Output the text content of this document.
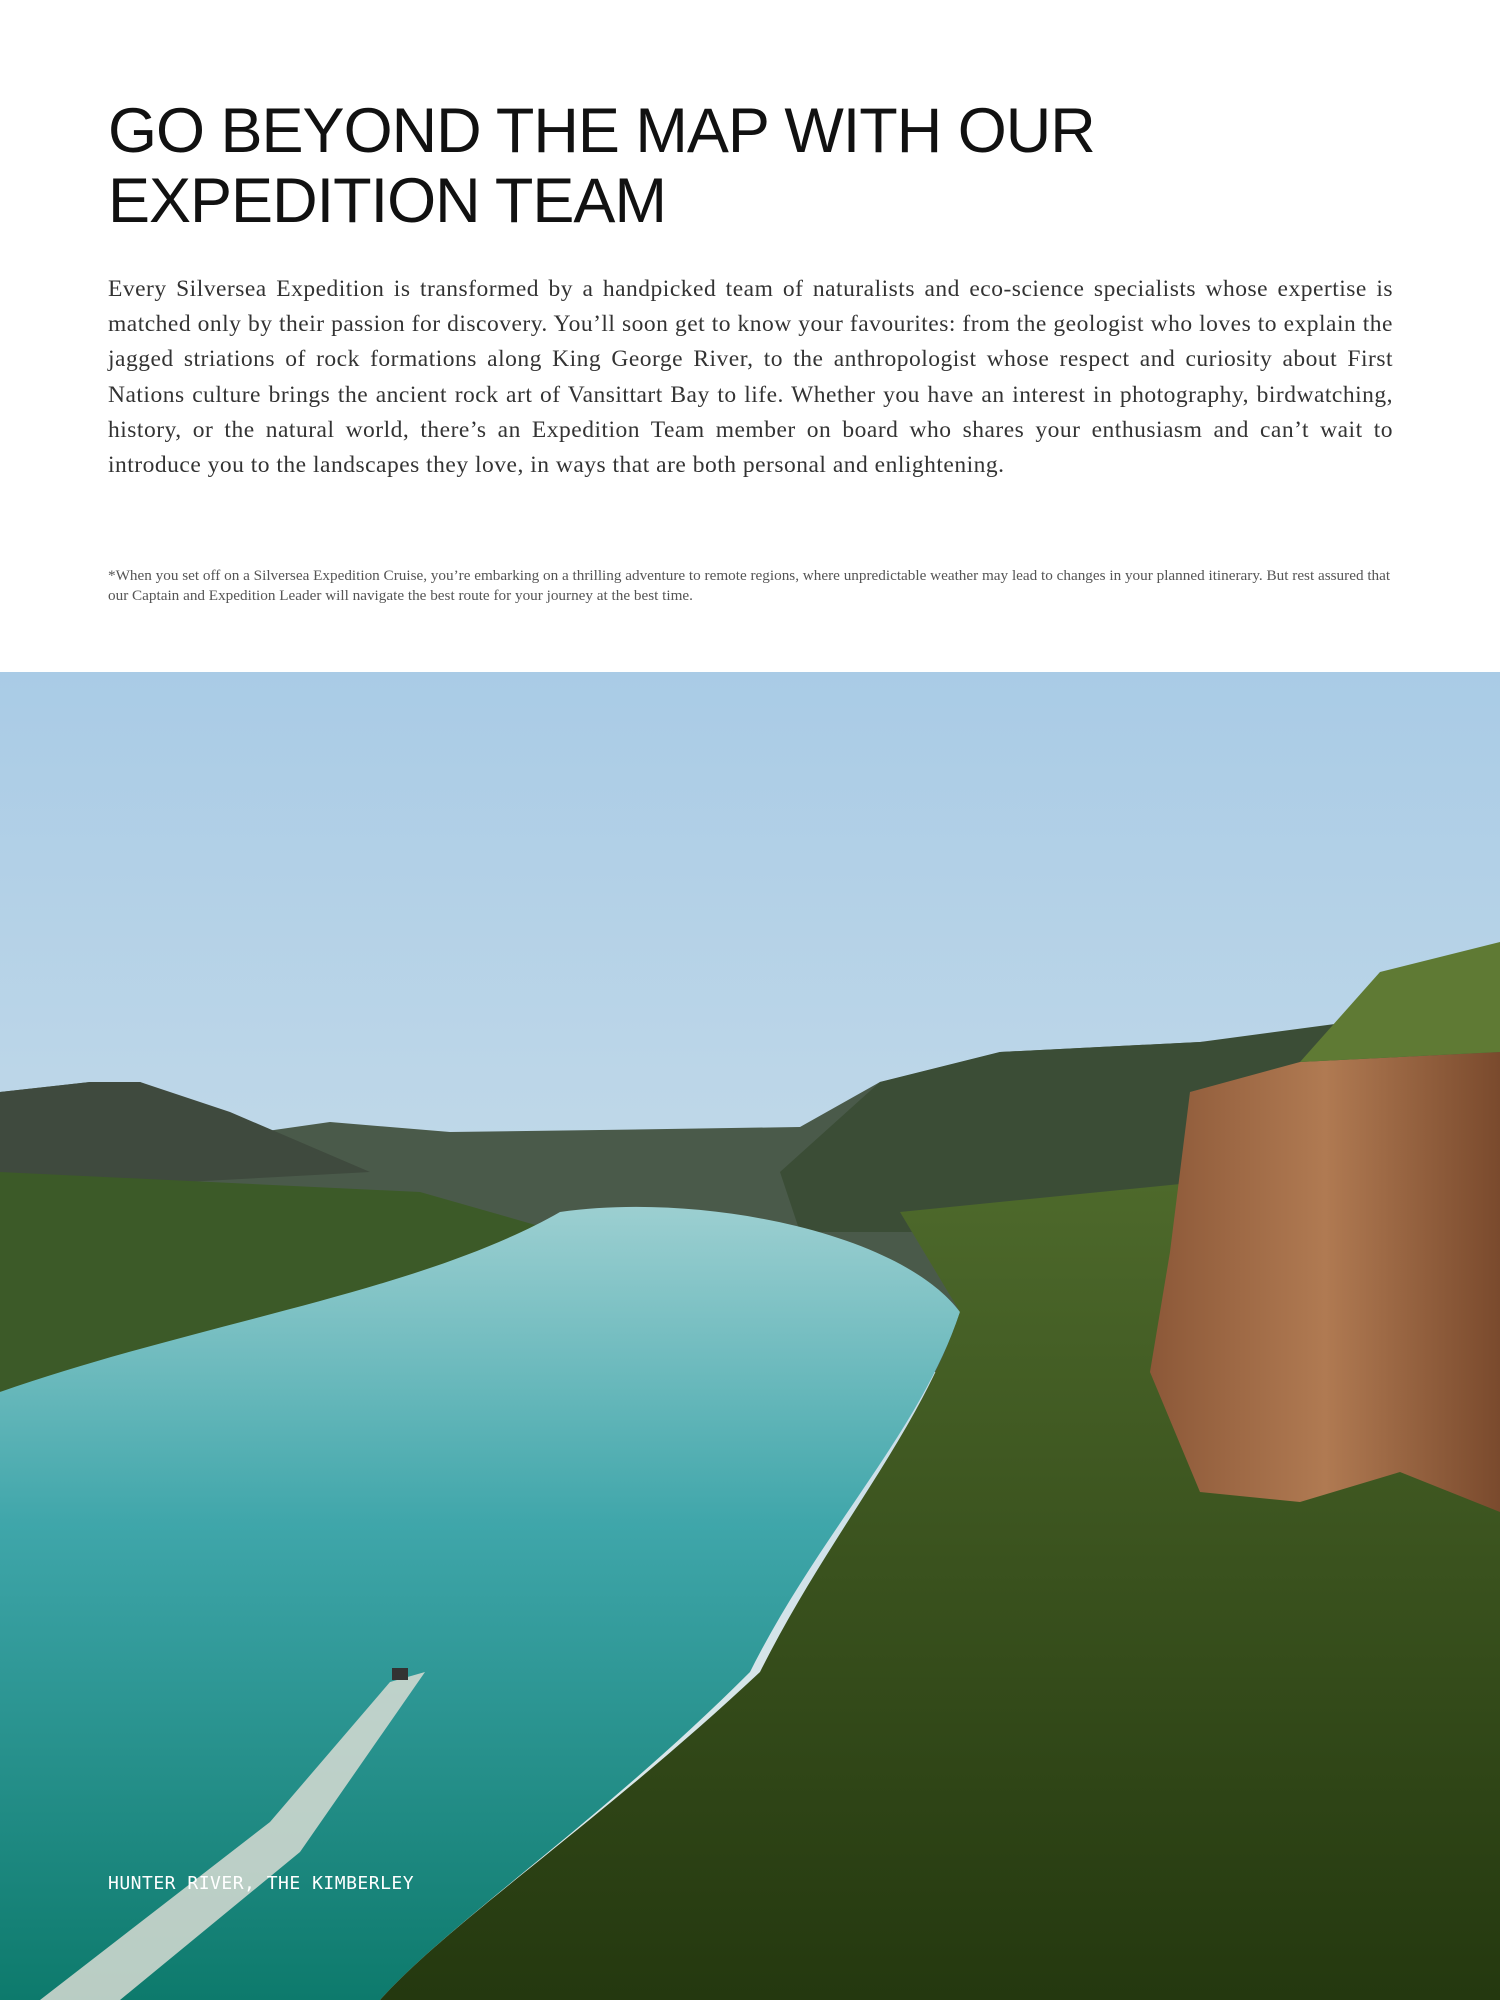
GO BEYOND THE MAP WITH OUR
EXPEDITION TEAM

Every Silversea Expedition is transformed by a handpicked team of naturalists and eco-science specialists whose expertise is matched only by their passion for discovery. You’ll soon get to know your favourites: from the geologist who loves to explain the jagged striations of rock formations along King George River, to the anthropologist whose respect and curiosity about First Nations culture brings the ancient rock art of Vansittart Bay to life. Whether you have an interest in photography, birdwatching, history, or the natural world, there’s an Expedition Team member on board who shares your enthusiasm and can’t wait to introduce you to the landscapes they love, in ways that are both personal and enlightening.

*When you set off on a Silversea Expedition Cruise, you’re embarking on a thrilling adventure to remote regions, where unpredictable weather may lead to changes in your planned itinerary. But rest assured that our Captain and Expedition Leader will navigate the best route for your journey at the best time.

HUNTER RIVER, THE KIMBERLEY
